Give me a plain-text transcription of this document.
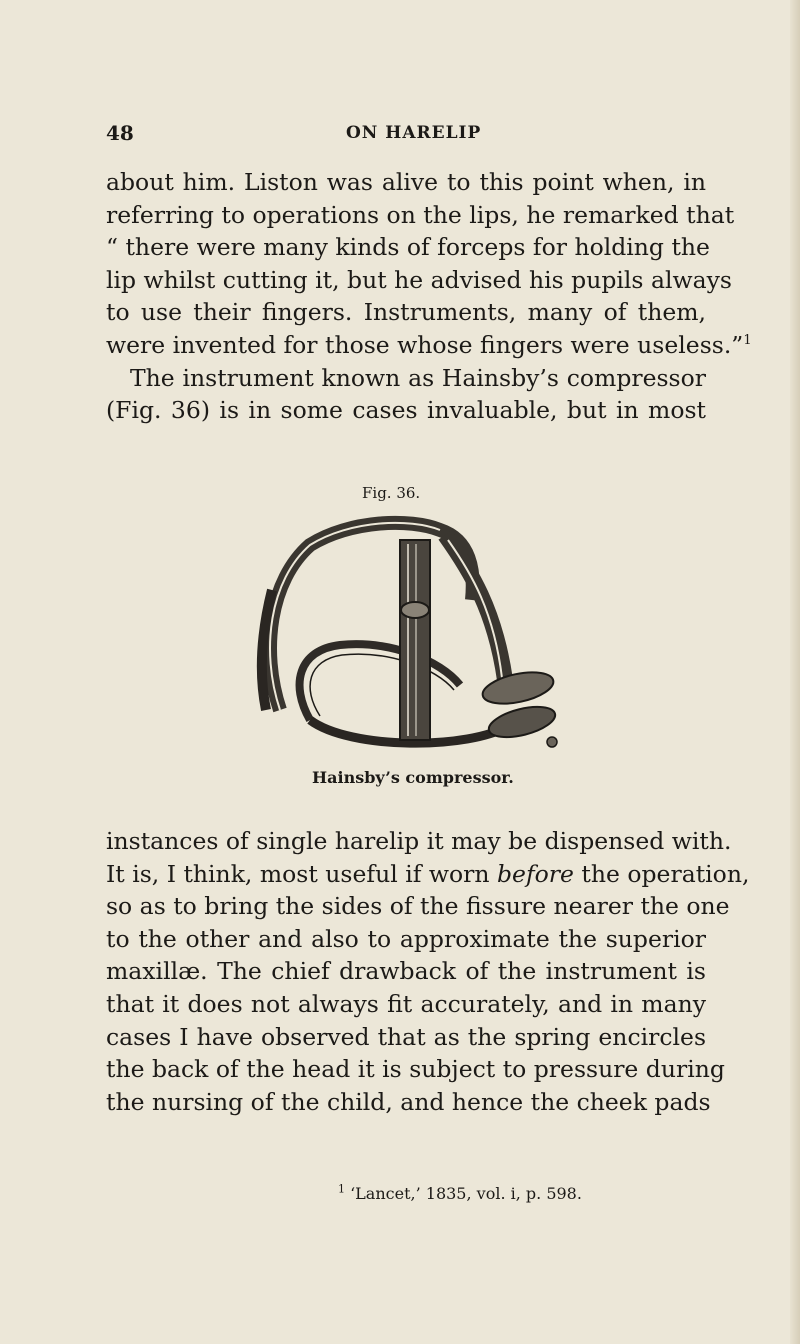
48	ON HARELIP

about him. Liston was alive to this point when, in
referring to operations on the lips, he remarked that
“ there were many kinds of forceps for holding the
lip whilst cutting it, but he advised his pupils always
to use their fingers. Instruments, many of them,
were invented for those whose fingers were useless.”$^1$
The instrument known as Hainsby’s compressor
(Fig. 36) is in some cases invaluable, but in most

Fig. 36.
Hainsby’s compressor.

instances of single harelip it may be dispensed with.
It is, I think, most useful if worn before the operation,
so as to bring the sides of the fissure nearer the one
to the other and also to approximate the superior
maxillæ. The chief drawback of the instrument is
that it does not always fit accurately, and in many
cases I have observed that as the spring encircles
the back of the head it is subject to pressure during
the nursing of the child, and hence the cheek pads

$^1$ ‘Lancet,’ 1835, vol. i, p. 598.
